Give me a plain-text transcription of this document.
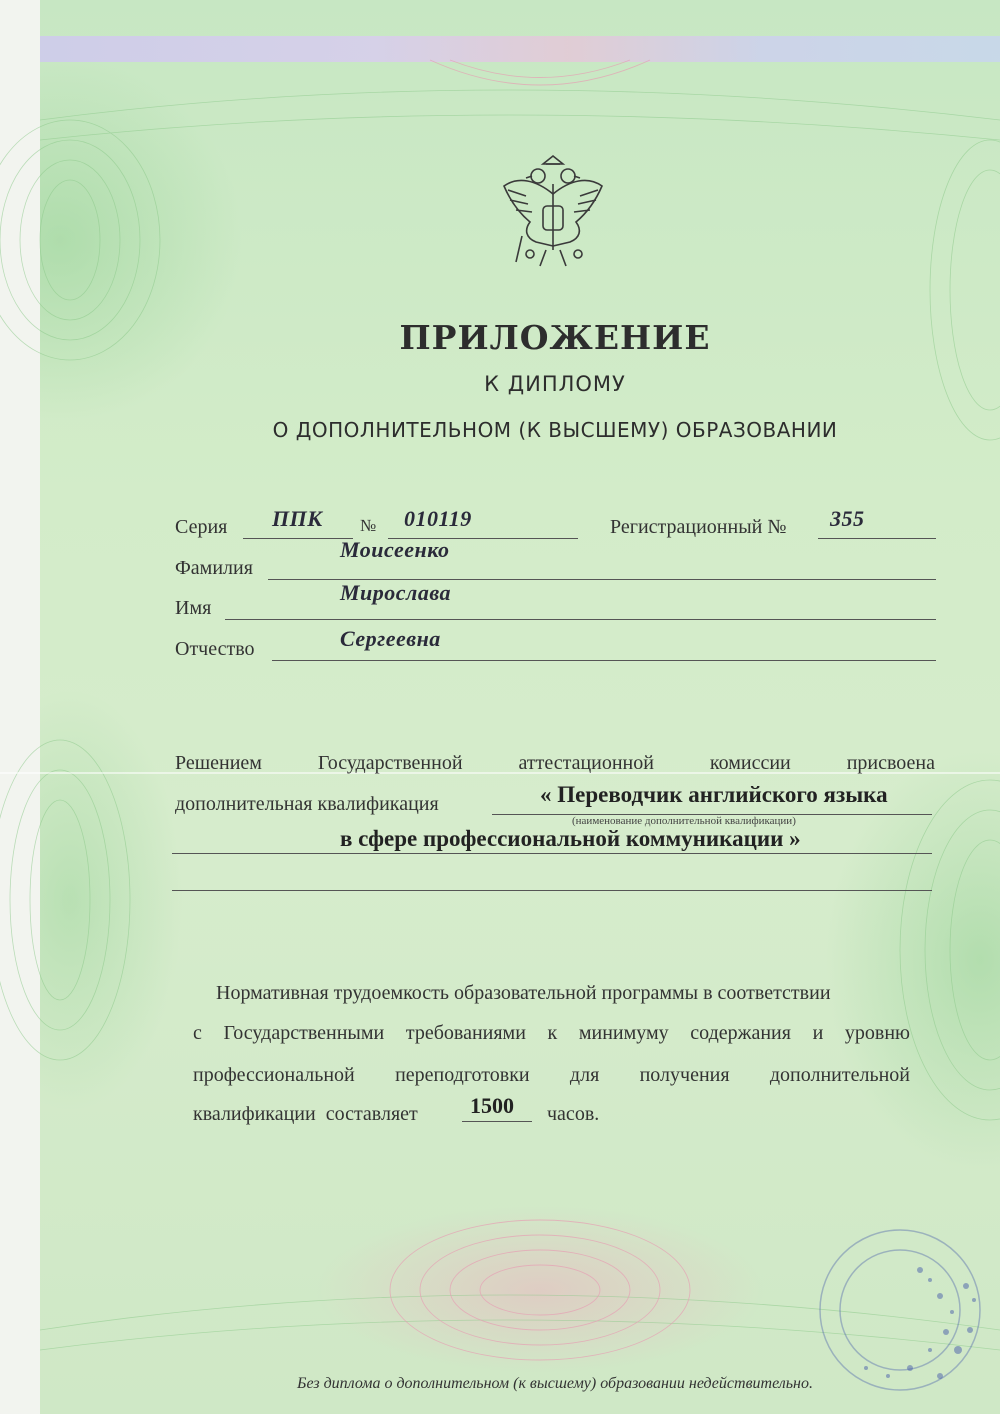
ПРИЛОЖЕНИЕ
К ДИПЛОМУ
О ДОПОЛНИТЕЛЬНОМ (К ВЫСШЕМУ) ОБРАЗОВАНИИ
Серия ППК № 010119	Регистрационный № 355
Фамилия
Моисеенко
Имя
Мирослава
Отчество	Сергеевна
Решением Государственной аттестационной комиссии присвоена
дополнительная квалификация	« Переводчик английского языка
(наименование дополнительной квалификации)
в сфере профессиональной коммуникации »
Нормативная трудоемкость образовательной программы в соответствии
с Государственными требованиями к минимуму содержания и уровню
профессиональной переподготовки для получения дополнительной
квалификации составляет 1500 часов.
Без диплома о дополнительном (к высшему) образовании недействительно.
